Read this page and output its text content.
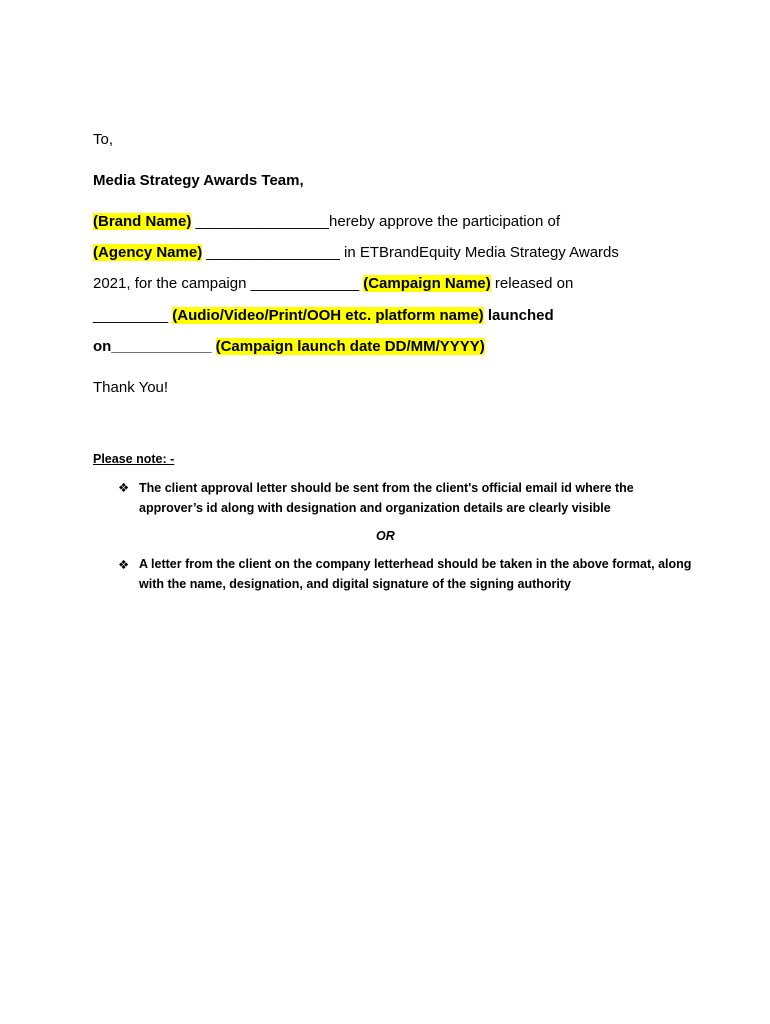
To,
Media Strategy Awards Team,
(Brand Name) ________________hereby approve the participation of
(Agency Name) ________________ in ETBrandEquity Media Strategy Awards
2021, for the campaign _____________ (Campaign Name) released on
_________ (Audio/Video/Print/OOH etc. platform name) launched
on____________ (Campaign launch date DD/MM/YYYY)
Thank You!
Please note: -
❖ The client approval letter should be sent from the client's official email id where the approver’s id along with designation and organization details are clearly visible
OR
❖ A letter from the client on the company letterhead should be taken in the above format, along with the name, designation, and digital signature of the signing authority
